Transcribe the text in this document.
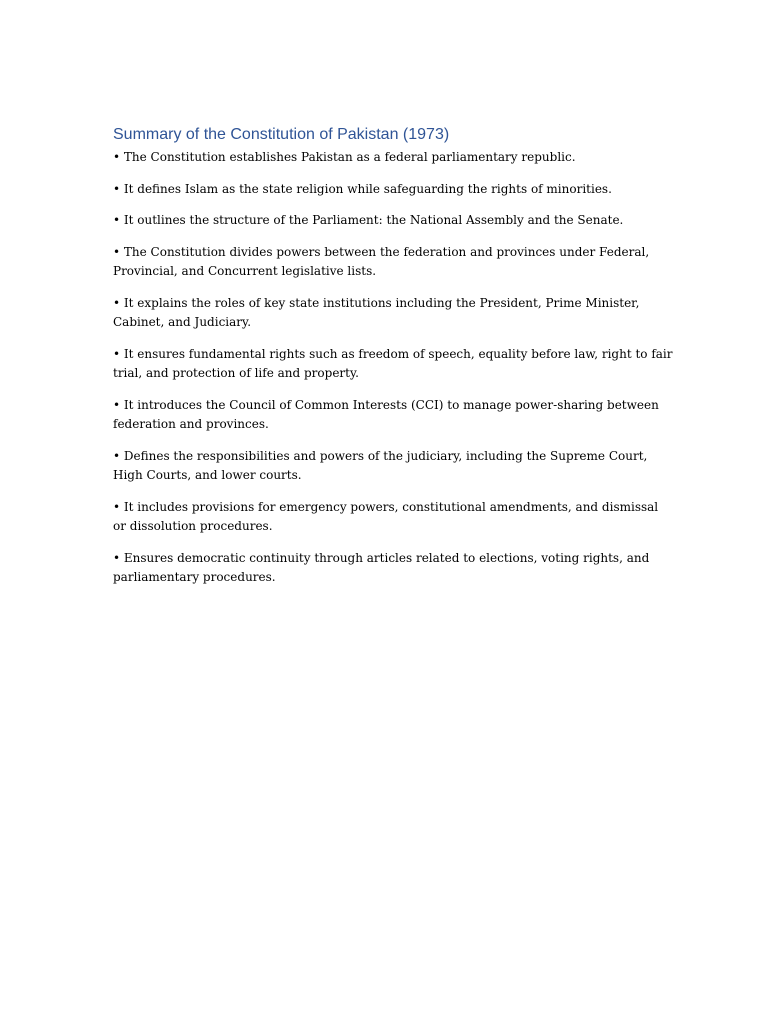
Summary of the Constitution of Pakistan (1973)

• The Constitution establishes Pakistan as a federal parliamentary republic.

• It defines Islam as the state religion while safeguarding the rights of minorities.

• It outlines the structure of the Parliament: the National Assembly and the Senate.

• The Constitution divides powers between the federation and provinces under Federal, Provincial, and Concurrent legislative lists.

• It explains the roles of key state institutions including the President, Prime Minister, Cabinet, and Judiciary.

• It ensures fundamental rights such as freedom of speech, equality before law, right to fair trial, and protection of life and property.

• It introduces the Council of Common Interests (CCI) to manage power-sharing between federation and provinces.

• Defines the responsibilities and powers of the judiciary, including the Supreme Court, High Courts, and lower courts.

• It includes provisions for emergency powers, constitutional amendments, and dismissal or dissolution procedures.

• Ensures democratic continuity through articles related to elections, voting rights, and parliamentary procedures.
